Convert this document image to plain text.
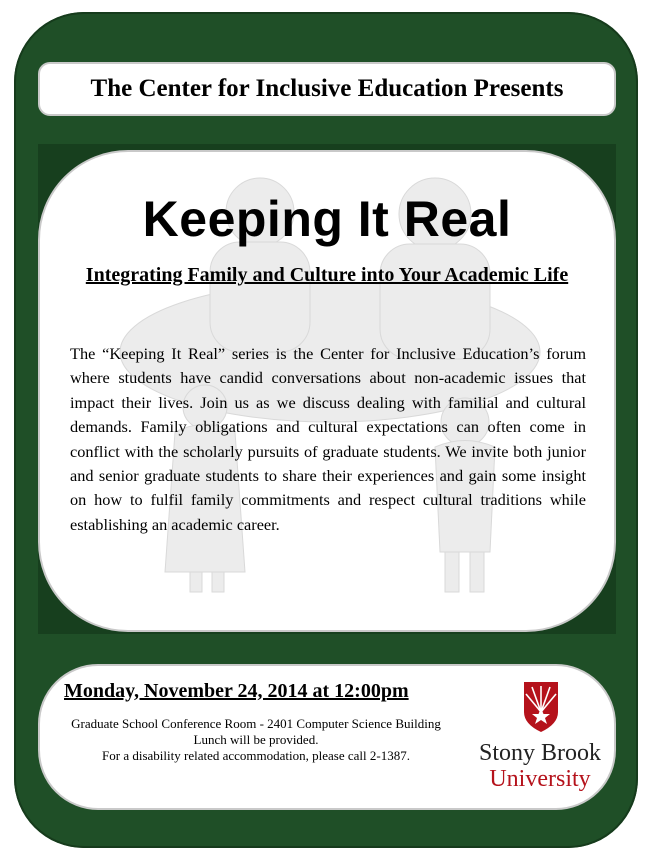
The Center for Inclusive Education Presents
Keeping It Real
Integrating Family and Culture into Your Academic Life
The “Keeping It Real” series is the Center for Inclusive Education’s forum where students have candid conversations about non-academic issues that impact their lives. Join us as we discuss dealing with familial and cultural demands. Family obligations and cultural expectations can often come in conflict with the scholarly pursuits of graduate students. We invite both junior and senior graduate students to share their experiences and gain some insight on how to fulfil family commitments and respect cultural traditions while establishing an academic career.
Monday, November 24, 2014 at 12:00pm
Graduate School Conference Room - 2401 Computer Science Building
Lunch will be provided.
For a disability related accommodation, please call 2-1387.	Stony Brook
University
